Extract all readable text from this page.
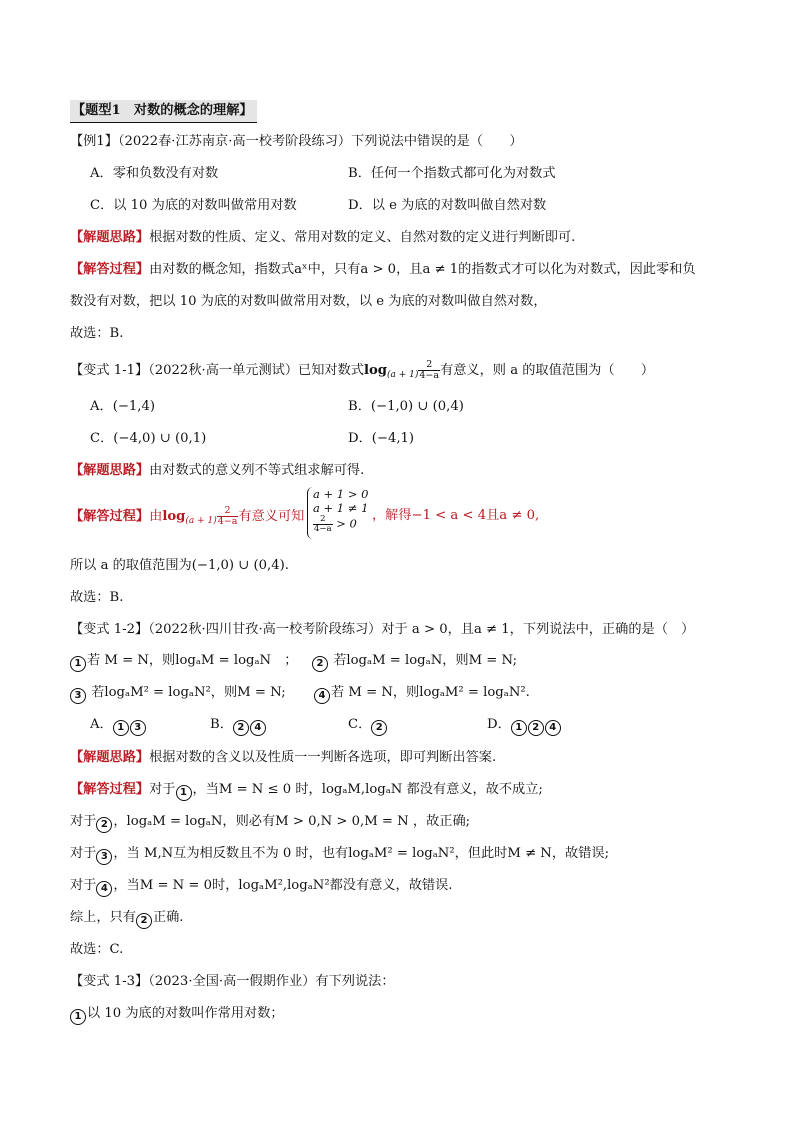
【题型1　对数的概念的理解】
【例1】（2022春·江苏南京·高一校考阶段练习）下列说法中错误的是（　　）
A．零和负数没有对数	B．任何一个指数式都可化为对数式
C．以 10 为底的对数叫做常用对数	D．以 e 为底的对数叫做自然对数
【解题思路】根据对数的性质、定义、常用对数的定义、自然对数的定义进行判断即可.
【解答过程】由对数的概念知，指数式aˣ中，只有a > 0，且a ≠ 1的指数式才可以化为对数式，因此零和负
数没有对数，把以 10 为底的对数叫做常用对数，以 e 为底的对数叫做自然对数，
故选：B.
【变式 1-1】（2022秋·高一单元测试）已知对数式$\log_{(a + 1)} \frac{2}{4-a}$ 有意义，则 a 的取值范围为（　　）
A．(−1,4)	B．(−1,0) ∪ (0,4)
C．(−4,0) ∪ (0,1)	D．(−4,1)
【解题思路】由对数式的意义列不等式组求解可得.
【解答过程】由$\log_{(a + 1)} \frac{2}{4-a}$ 有意义可知
a + 1 > 0
a + 1 ≠ 1
$\frac{2}{4-a} > 0$
，解得−1 < a < 4且a ≠ 0,
所以 a 的取值范围为(−1,0) ∪ (0,4).
故选：B.
【变式 1-2】（2022秋·四川甘孜·高一校考阶段练习）对于 a > 0，且a ≠ 1，下列说法中，正确的是（　）
1 若 M = N，则logₐM = logₐN　；	2 若logₐM = logₐN，则M = N;
3 若logₐM² = logₐN²，则M = N;	4 若 M = N，则logₐM² = logₐN².
A． 1 3	B． 2 4	C． 2	D． 1 2 4
【解题思路】根据对数的含义以及性质一一判断各选项，即可判断出答案.
【解答过程】对于 1 ，当M = N ≤ 0 时，logₐM,logₐN 都没有意义，故不成立;
对于 2 ，logₐM = logₐN，则必有M > 0,N > 0,M = N ，故正确;
对于 3 ，当 M,N互为相反数且不为 0 时，也有logₐM² = logₐN²，但此时M ≠ N，故错误;
对于 4 ，当M = N = 0时，logₐM²,logₐN²都没有意义，故错误.
综上，只有 2 正确.
故选：C.
【变式 1-3】（2023·全国·高一假期作业）有下列说法：
1 以 10 为底的对数叫作常用对数；
